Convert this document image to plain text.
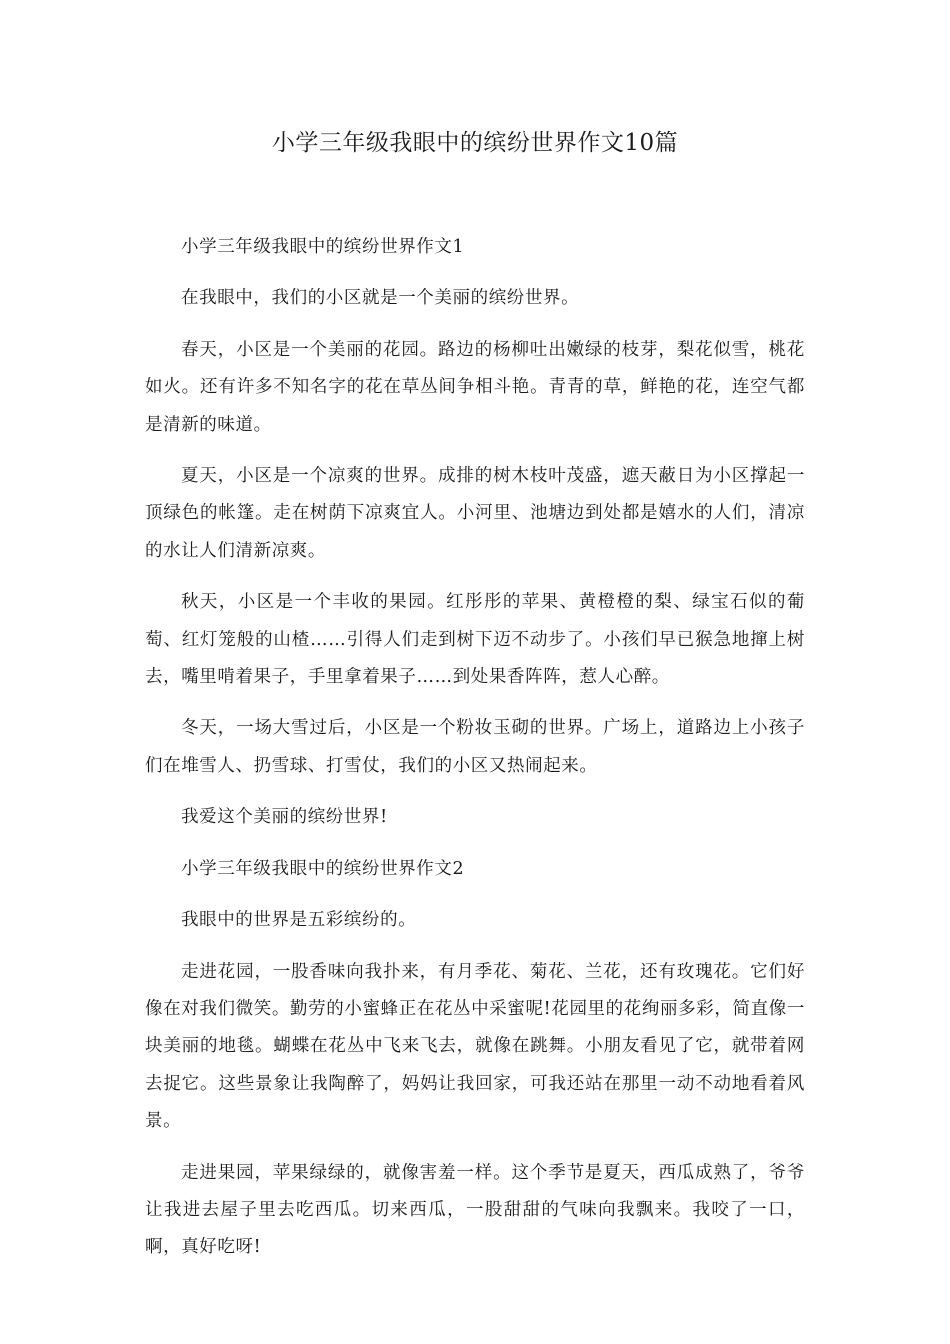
小学三年级我眼中的缤纷世界作文10篇

小学三年级我眼中的缤纷世界作文1

在我眼中，我们的小区就是一个美丽的缤纷世界。

春天，小区是一个美丽的花园。路边的杨柳吐出嫩绿的枝芽，梨花似雪，桃花如火。还有许多不知名字的花在草丛间争相斗艳。青青的草，鲜艳的花，连空气都是清新的味道。

夏天，小区是一个凉爽的世界。成排的树木枝叶茂盛，遮天蔽日为小区撑起一顶绿色的帐篷。走在树荫下凉爽宜人。小河里、池塘边到处都是嬉水的人们，清凉的水让人们清新凉爽。

秋天，小区是一个丰收的果园。红彤彤的苹果、黄橙橙的梨、绿宝石似的葡萄、红灯笼般的山楂……引得人们走到树下迈不动步了。小孩们早已猴急地撺上树去，嘴里啃着果子，手里拿着果子……到处果香阵阵，惹人心醉。

冬天，一场大雪过后，小区是一个粉妆玉砌的世界。广场上，道路边上小孩子们在堆雪人、扔雪球、打雪仗，我们的小区又热闹起来。

我爱这个美丽的缤纷世界!

小学三年级我眼中的缤纷世界作文2

我眼中的世界是五彩缤纷的。

走进花园，一股香味向我扑来，有月季花、菊花、兰花，还有玫瑰花。它们好像在对我们微笑。勤劳的小蜜蜂正在花丛中采蜜呢!花园里的花绚丽多彩，简直像一块美丽的地毯。蝴蝶在花丛中飞来飞去，就像在跳舞。小朋友看见了它，就带着网去捉它。这些景象让我陶醉了，妈妈让我回家，可我还站在那里一动不动地看着风景。

走进果园，苹果绿绿的，就像害羞一样。这个季节是夏天，西瓜成熟了，爷爷让我进去屋子里去吃西瓜。切来西瓜，一股甜甜的气味向我飘来。我咬了一口，啊，真好吃呀!
